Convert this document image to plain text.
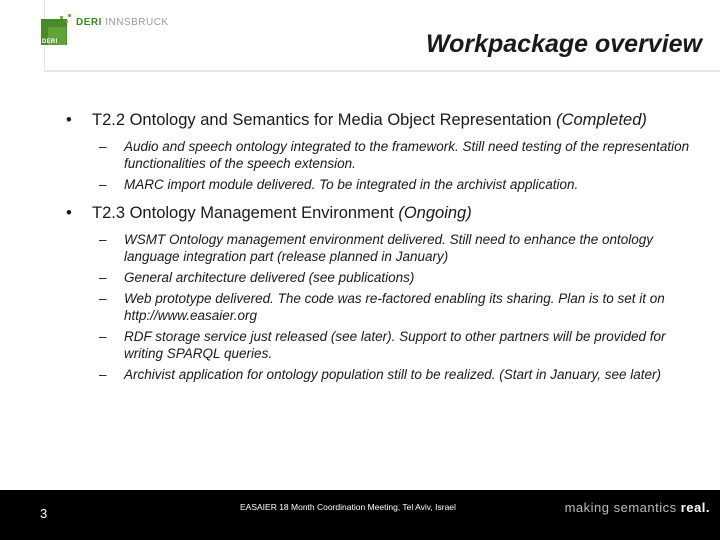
DERI
DERI INNSBRUCK
Workpackage overview
• T2.2 Ontology and Semantics for Media Object Representation (Completed)
– Audio and speech ontology integrated to the framework. Still need testing of the representation functionalities of the speech extension.
– MARC import module delivered. To be integrated in the archivist application.
• T2.3 Ontology Management Environment (Ongoing)
– WSMT Ontology management environment delivered. Still need to enhance the ontology language integration part (release planned in January)
– General architecture delivered (see publications)
– Web prototype delivered. The code was re-factored enabling its sharing. Plan is to set it on http://www.easaier.org
– RDF storage service just released (see later). Support to other partners will be provided for writing SPARQL queries.
– Archivist application for ontology population still to be realized. (Start in January, see later)
3	EASAIER 18 Month Coordination Meeting, Tel Aviv, Israel	making semantics real.
